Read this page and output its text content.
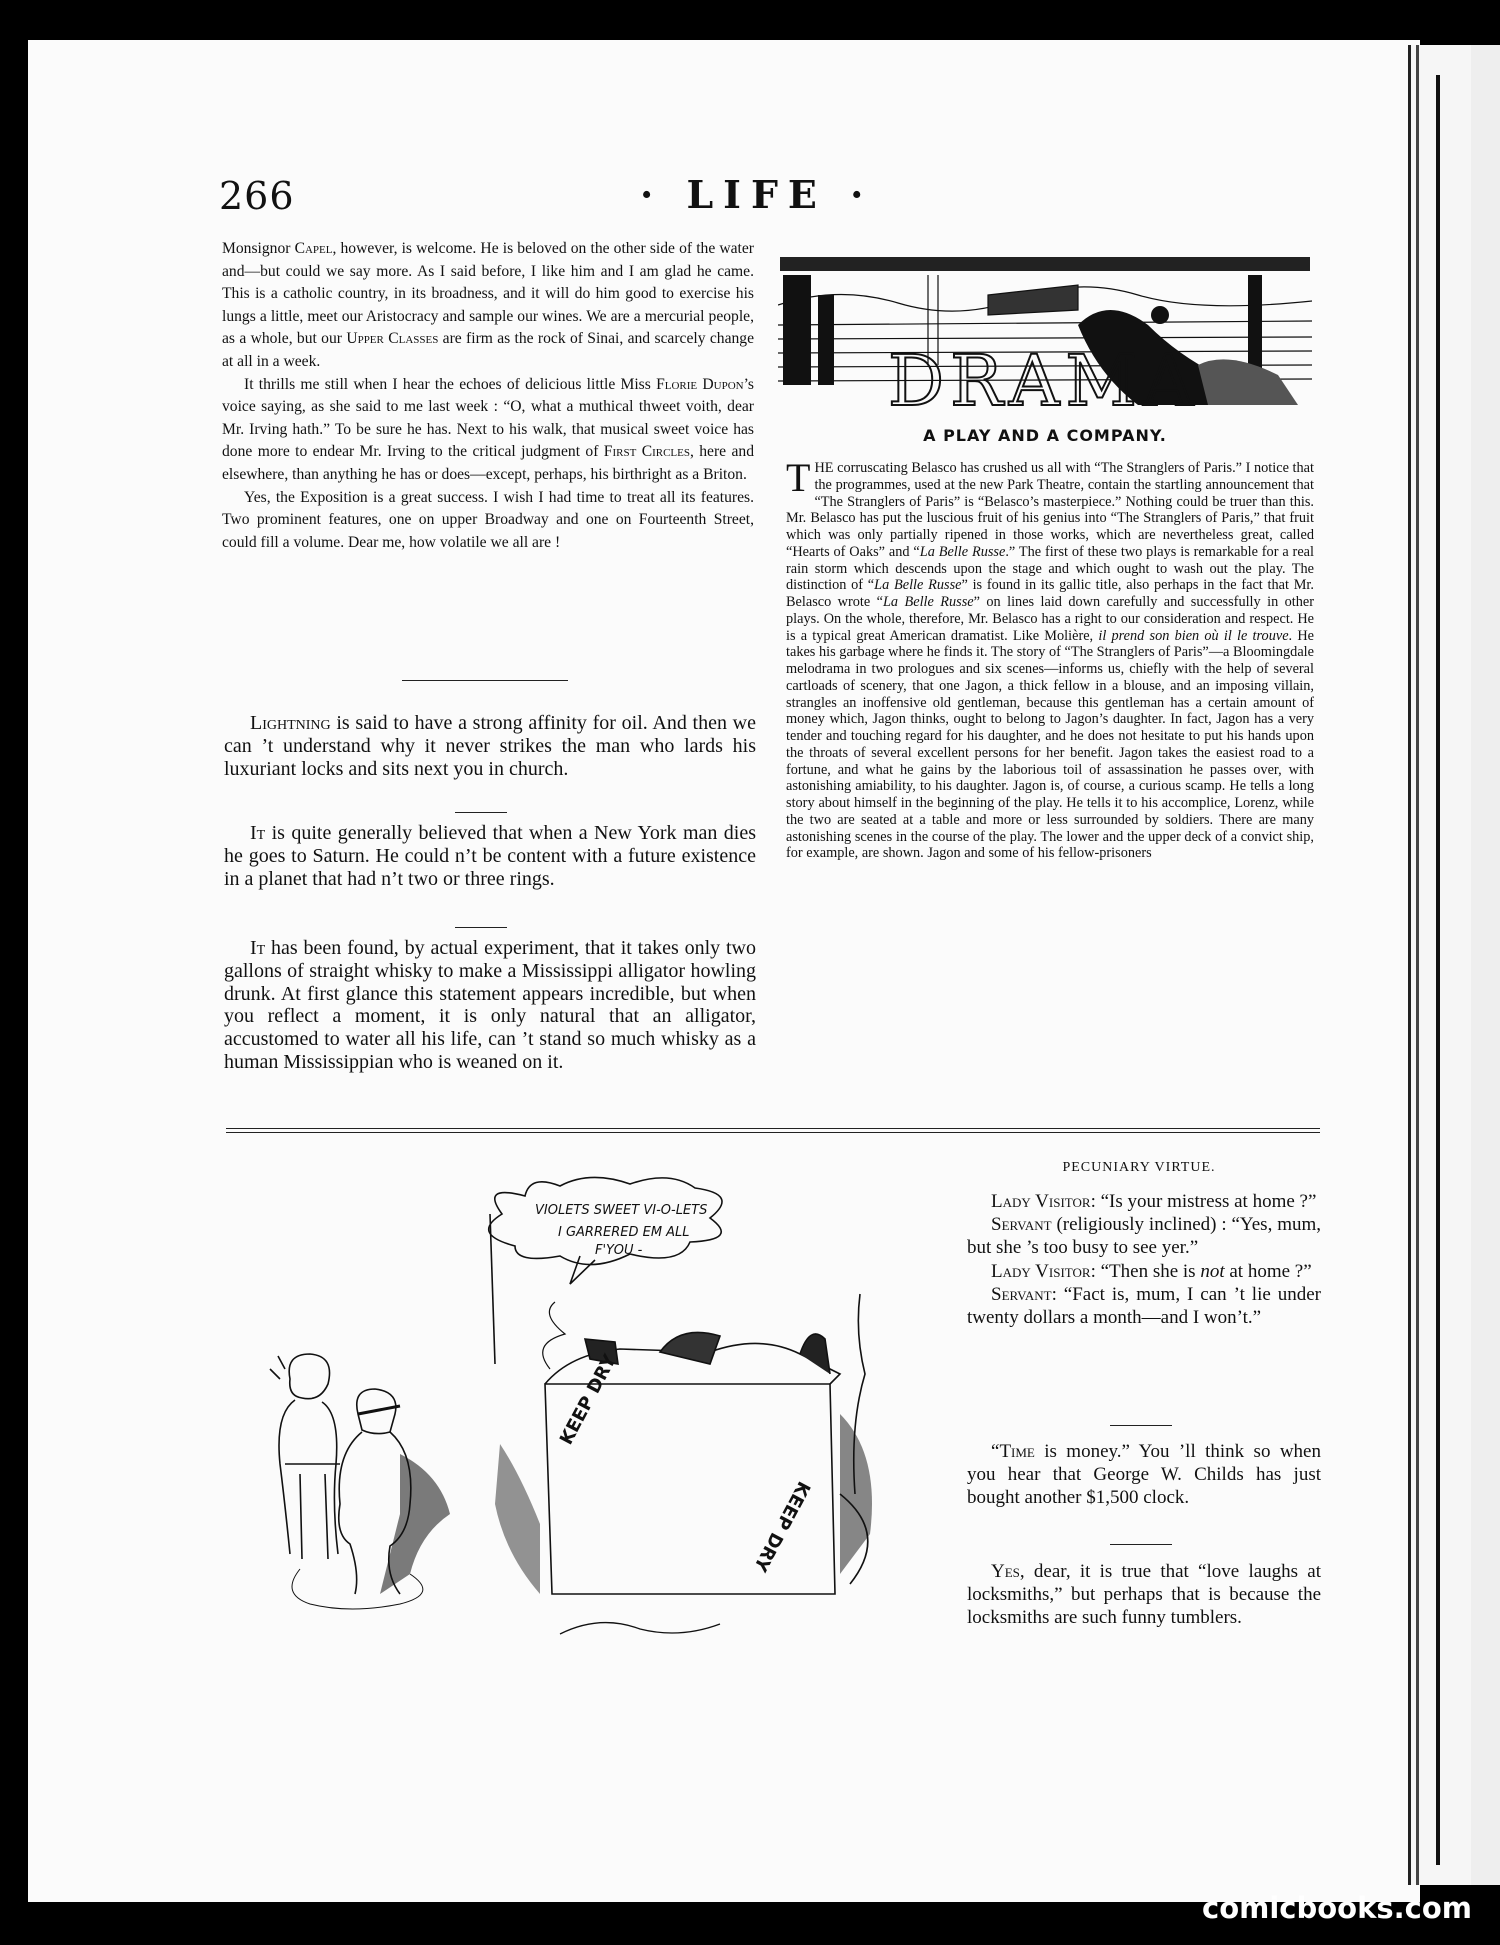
266	· LIFE ·

Monsignor Capel, however, is welcome. He is beloved on the other side of the water and—but could we say more. As I said before, I like him and I am glad he came. This is a catholic country, in its broadness, and it will do him good to exercise his lungs a little, meet our Aristocracy and sample our wines. We are a mercurial people, as a whole, but our Upper Classes are firm as the rock of Sinai, and scarcely change at all in a week.

It thrills me still when I hear the echoes of delicious little Miss Florie Dupon’s voice saying, as she said to me last week : “O, what a muthical thweet voith, dear Mr. Irving hath.” To be sure he has. Next to his walk, that musical sweet voice has done more to endear Mr. Irving to the critical judgment of First Circles, here and elsewhere, than anything he has or does—except, perhaps, his birthright as a Briton.

Yes, the Exposition is a great success. I wish I had time to treat all its features. Two prominent features, one on upper Broadway and one on Fourteenth Street, could fill a volume. Dear me, how volatile we all are !

Lightning is said to have a strong affinity for oil. And then we can ’t understand why it never strikes the man who lards his luxuriant locks and sits next you in church.

It is quite generally believed that when a New York man dies he goes to Saturn. He could n’t be content with a future existence in a planet that had n’t two or three rings.

It has been found, by actual experiment, that it takes only two gallons of straight whisky to make a Mississippi alligator howling drunk. At first glance this statement appears incredible, but when you reflect a moment, it is only natural that an alligator, accustomed to water all his life, can ’t stand so much whisky as a human Mississippian who is weaned on it.

DRAMA
A PLAY AND A COMPANY.

THE corruscating Belasco has crushed us all with “The Stranglers of Paris.” I notice that the programmes, used at the new Park Theatre, contain the startling announcement that “The Stranglers of Paris” is “Belasco’s masterpiece.” Nothing could be truer than this. Mr. Belasco has put the luscious fruit of his genius into “The Stranglers of Paris,” that fruit which was only partially ripened in those works, which are nevertheless great, called “Hearts of Oaks” and “La Belle Russe.” The first of these two plays is remarkable for a real rain storm which descends upon the stage and which ought to wash out the play. The distinction of “La Belle Russe” is found in its gallic title, also perhaps in the fact that Mr. Belasco wrote “La Belle Russe” on lines laid down carefully and successfully in other plays. On the whole, therefore, Mr. Belasco has a right to our consideration and respect. He is a typical great American dramatist. Like Molière, il prend son bien où il le trouve. He takes his garbage where he finds it. The story of “The Stranglers of Paris”—a Bloomingdale melodrama in two prologues and six scenes—informs us, chiefly with the help of several cartloads of scenery, that one Jagon, a thick fellow in a blouse, and an imposing villain, strangles an inoffensive old gentleman, because this gentleman has a certain amount of money which, Jagon thinks, ought to belong to Jagon’s daughter. In fact, Jagon has a very tender and touching regard for his daughter, and he does not hesitate to put his hands upon the throats of several excellent persons for her benefit. Jagon takes the easiest road to a fortune, and what he gains by the laborious toil of assassination he passes over, with astonishing amiability, to his daughter. Jagon is, of course, a curious scamp. He tells a long story about himself in the beginning of the play. He tells it to his accomplice, Lorenz, while the two are seated at a table and more or less surrounded by soldiers. There are many astonishing scenes in the course of the play. The lower and the upper deck of a convict ship, for example, are shown. Jagon and some of his fellow-prisoners

VIOLETS SWEET VI-O-LETS
I GARRERED EM ALL
F'YOU -
KEEP DRY
KEEP DRY
PECUNIARY VIRTUE.

Lady Visitor: “Is your mistress at home ?”

Servant (religiously inclined) : “Yes, mum, but she ’s too busy to see yer.”

Lady Visitor: “Then she is not at home ?”

Servant: “Fact is, mum, I can ’t lie under twenty dollars a month—and I won’t.”

“Time is money.” You ’ll think so when you hear that George W. Childs has just bought another $1,500 clock.

Yes, dear, it is true that “love laughs at locksmiths,” but perhaps that is because the locksmiths are such funny tumblers.

comicbooks.com
